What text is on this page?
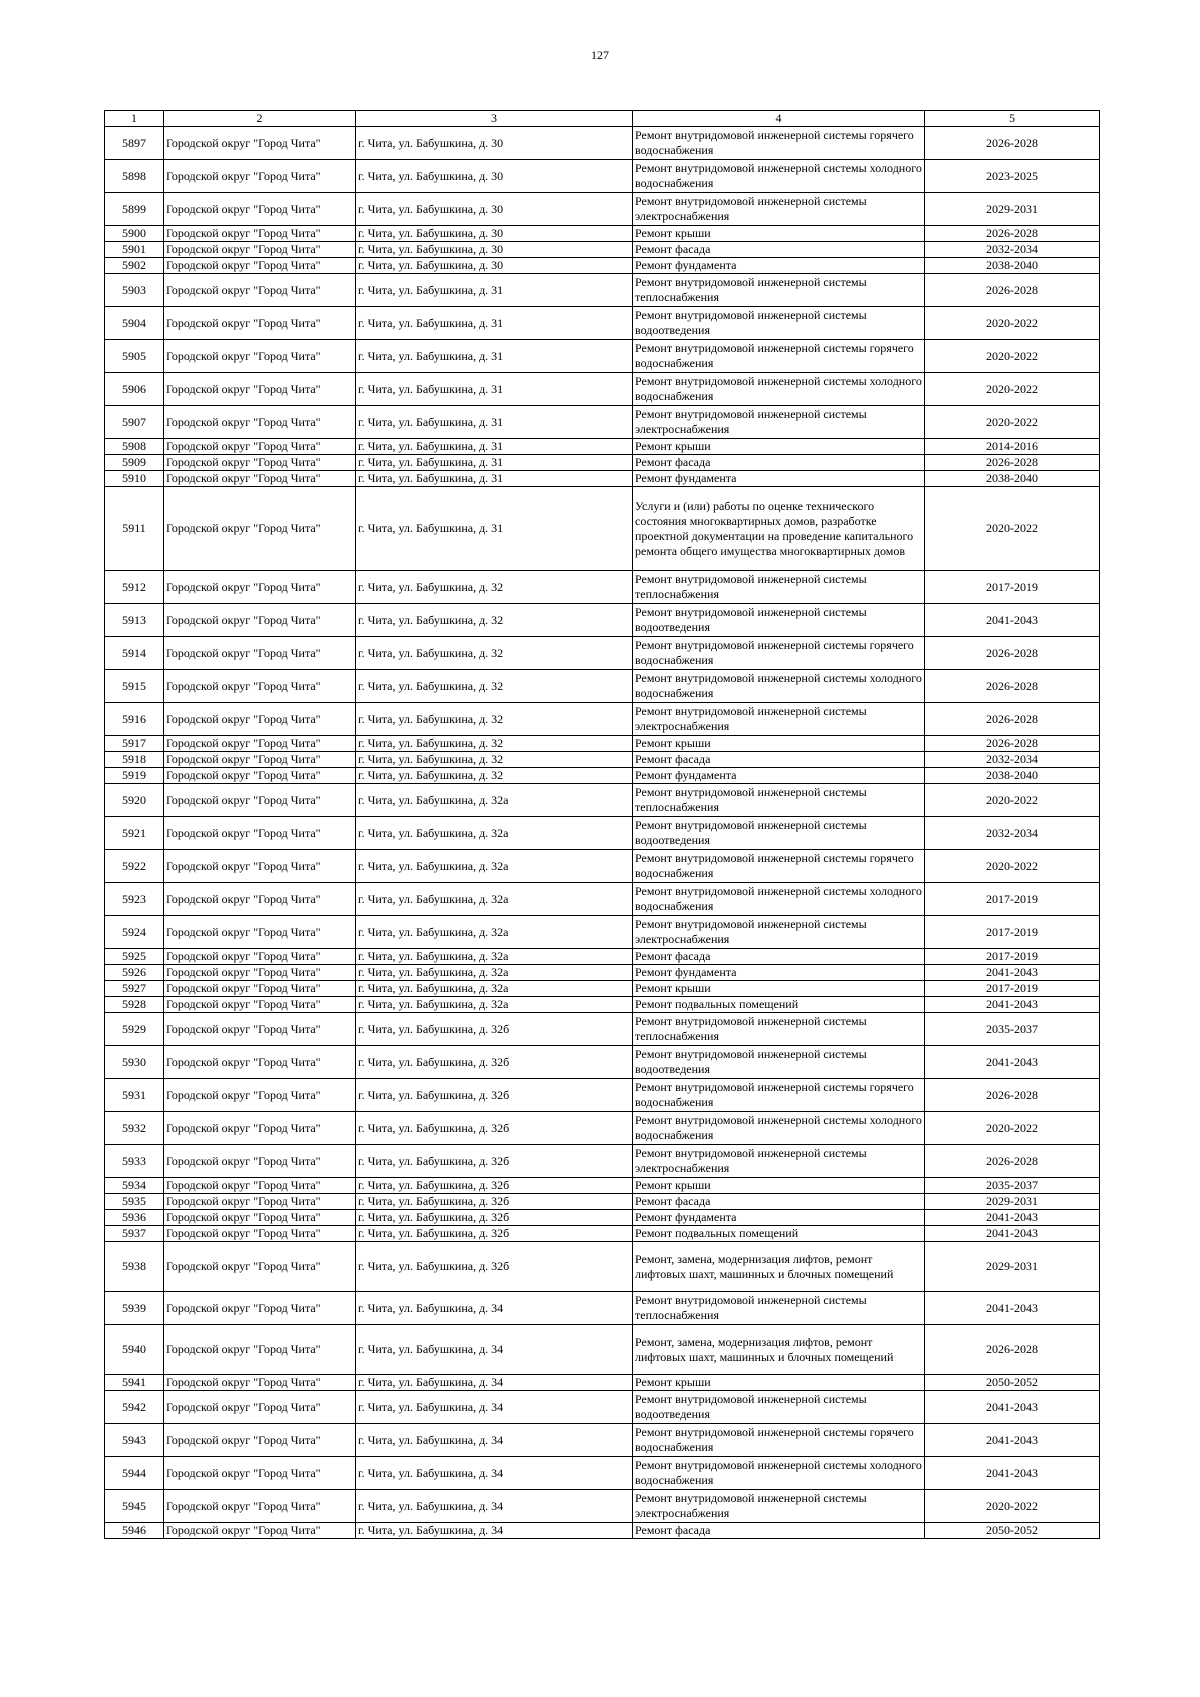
127
1	2	3	4	5
5897	Городской округ "Город Чита"	г. Чита, ул. Бабушкина, д. 30	Ремонт внутридомовой инженерной системы горячего водоснабжения	2026-2028
5898	Городской округ "Город Чита"	г. Чита, ул. Бабушкина, д. 30	Ремонт внутридомовой инженерной системы холодного водоснабжения	2023-2025
5899	Городской округ "Город Чита"	г. Чита, ул. Бабушкина, д. 30	Ремонт внутридомовой инженерной системы электроснабжения	2029-2031
5900	Городской округ "Город Чита"	г. Чита, ул. Бабушкина, д. 30	Ремонт крыши	2026-2028
5901	Городской округ "Город Чита"	г. Чита, ул. Бабушкина, д. 30	Ремонт фасада	2032-2034
5902	Городской округ "Город Чита"	г. Чита, ул. Бабушкина, д. 30	Ремонт фундамента	2038-2040
5903	Городской округ "Город Чита"	г. Чита, ул. Бабушкина, д. 31	Ремонт внутридомовой инженерной системы теплоснабжения	2026-2028
5904	Городской округ "Город Чита"	г. Чита, ул. Бабушкина, д. 31	Ремонт внутридомовой инженерной системы водоотведения	2020-2022
5905	Городской округ "Город Чита"	г. Чита, ул. Бабушкина, д. 31	Ремонт внутридомовой инженерной системы горячего водоснабжения	2020-2022
5906	Городской округ "Город Чита"	г. Чита, ул. Бабушкина, д. 31	Ремонт внутридомовой инженерной системы холодного водоснабжения	2020-2022
5907	Городской округ "Город Чита"	г. Чита, ул. Бабушкина, д. 31	Ремонт внутридомовой инженерной системы электроснабжения	2020-2022
5908	Городской округ "Город Чита"	г. Чита, ул. Бабушкина, д. 31	Ремонт крыши	2014-2016
5909	Городской округ "Город Чита"	г. Чита, ул. Бабушкина, д. 31	Ремонт фасада	2026-2028
5910	Городской округ "Город Чита"	г. Чита, ул. Бабушкина, д. 31	Ремонт фундамента	2038-2040
5911	Городской округ "Город Чита"	г. Чита, ул. Бабушкина, д. 31	Услуги и (или) работы по оценке технического состояния многоквартирных домов, разработке проектной документации на проведение капитального ремонта общего имущества многоквартирных домов	2020-2022
5912	Городской округ "Город Чита"	г. Чита, ул. Бабушкина, д. 32	Ремонт внутридомовой инженерной системы теплоснабжения	2017-2019
5913	Городской округ "Город Чита"	г. Чита, ул. Бабушкина, д. 32	Ремонт внутридомовой инженерной системы водоотведения	2041-2043
5914	Городской округ "Город Чита"	г. Чита, ул. Бабушкина, д. 32	Ремонт внутридомовой инженерной системы горячего водоснабжения	2026-2028
5915	Городской округ "Город Чита"	г. Чита, ул. Бабушкина, д. 32	Ремонт внутридомовой инженерной системы холодного водоснабжения	2026-2028
5916	Городской округ "Город Чита"	г. Чита, ул. Бабушкина, д. 32	Ремонт внутридомовой инженерной системы электроснабжения	2026-2028
5917	Городской округ "Город Чита"	г. Чита, ул. Бабушкина, д. 32	Ремонт крыши	2026-2028
5918	Городской округ "Город Чита"	г. Чита, ул. Бабушкина, д. 32	Ремонт фасада	2032-2034
5919	Городской округ "Город Чита"	г. Чита, ул. Бабушкина, д. 32	Ремонт фундамента	2038-2040
5920	Городской округ "Город Чита"	г. Чита, ул. Бабушкина, д. 32а	Ремонт внутридомовой инженерной системы теплоснабжения	2020-2022
5921	Городской округ "Город Чита"	г. Чита, ул. Бабушкина, д. 32а	Ремонт внутридомовой инженерной системы водоотведения	2032-2034
5922	Городской округ "Город Чита"	г. Чита, ул. Бабушкина, д. 32а	Ремонт внутридомовой инженерной системы горячего водоснабжения	2020-2022
5923	Городской округ "Город Чита"	г. Чита, ул. Бабушкина, д. 32а	Ремонт внутридомовой инженерной системы холодного водоснабжения	2017-2019
5924	Городской округ "Город Чита"	г. Чита, ул. Бабушкина, д. 32а	Ремонт внутридомовой инженерной системы электроснабжения	2017-2019
5925	Городской округ "Город Чита"	г. Чита, ул. Бабушкина, д. 32а	Ремонт фасада	2017-2019
5926	Городской округ "Город Чита"	г. Чита, ул. Бабушкина, д. 32а	Ремонт фундамента	2041-2043
5927	Городской округ "Город Чита"	г. Чита, ул. Бабушкина, д. 32а	Ремонт крыши	2017-2019
5928	Городской округ "Город Чита"	г. Чита, ул. Бабушкина, д. 32а	Ремонт подвальных помещений	2041-2043
5929	Городской округ "Город Чита"	г. Чита, ул. Бабушкина, д. 32б	Ремонт внутридомовой инженерной системы теплоснабжения	2035-2037
5930	Городской округ "Город Чита"	г. Чита, ул. Бабушкина, д. 32б	Ремонт внутридомовой инженерной системы водоотведения	2041-2043
5931	Городской округ "Город Чита"	г. Чита, ул. Бабушкина, д. 32б	Ремонт внутридомовой инженерной системы горячего водоснабжения	2026-2028
5932	Городской округ "Город Чита"	г. Чита, ул. Бабушкина, д. 32б	Ремонт внутридомовой инженерной системы холодного водоснабжения	2020-2022
5933	Городской округ "Город Чита"	г. Чита, ул. Бабушкина, д. 32б	Ремонт внутридомовой инженерной системы электроснабжения	2026-2028
5934	Городской округ "Город Чита"	г. Чита, ул. Бабушкина, д. 32б	Ремонт крыши	2035-2037
5935	Городской округ "Город Чита"	г. Чита, ул. Бабушкина, д. 32б	Ремонт фасада	2029-2031
5936	Городской округ "Город Чита"	г. Чита, ул. Бабушкина, д. 32б	Ремонт фундамента	2041-2043
5937	Городской округ "Город Чита"	г. Чита, ул. Бабушкина, д. 32б	Ремонт подвальных помещений	2041-2043
5938	Городской округ "Город Чита"	г. Чита, ул. Бабушкина, д. 32б	Ремонт, замена, модернизация лифтов, ремонт лифтовых шахт, машинных и блочных помещений	2029-2031
5939	Городской округ "Город Чита"	г. Чита, ул. Бабушкина, д. 34	Ремонт внутридомовой инженерной системы теплоснабжения	2041-2043
5940	Городской округ "Город Чита"	г. Чита, ул. Бабушкина, д. 34	Ремонт, замена, модернизация лифтов, ремонт лифтовых шахт, машинных и блочных помещений	2026-2028
5941	Городской округ "Город Чита"	г. Чита, ул. Бабушкина, д. 34	Ремонт крыши	2050-2052
5942	Городской округ "Город Чита"	г. Чита, ул. Бабушкина, д. 34	Ремонт внутридомовой инженерной системы водоотведения	2041-2043
5943	Городской округ "Город Чита"	г. Чита, ул. Бабушкина, д. 34	Ремонт внутридомовой инженерной системы горячего водоснабжения	2041-2043
5944	Городской округ "Город Чита"	г. Чита, ул. Бабушкина, д. 34	Ремонт внутридомовой инженерной системы холодного водоснабжения	2041-2043
5945	Городской округ "Город Чита"	г. Чита, ул. Бабушкина, д. 34	Ремонт внутридомовой инженерной системы электроснабжения	2020-2022
5946	Городской округ "Город Чита"	г. Чита, ул. Бабушкина, д. 34	Ремонт фасада	2050-2052
